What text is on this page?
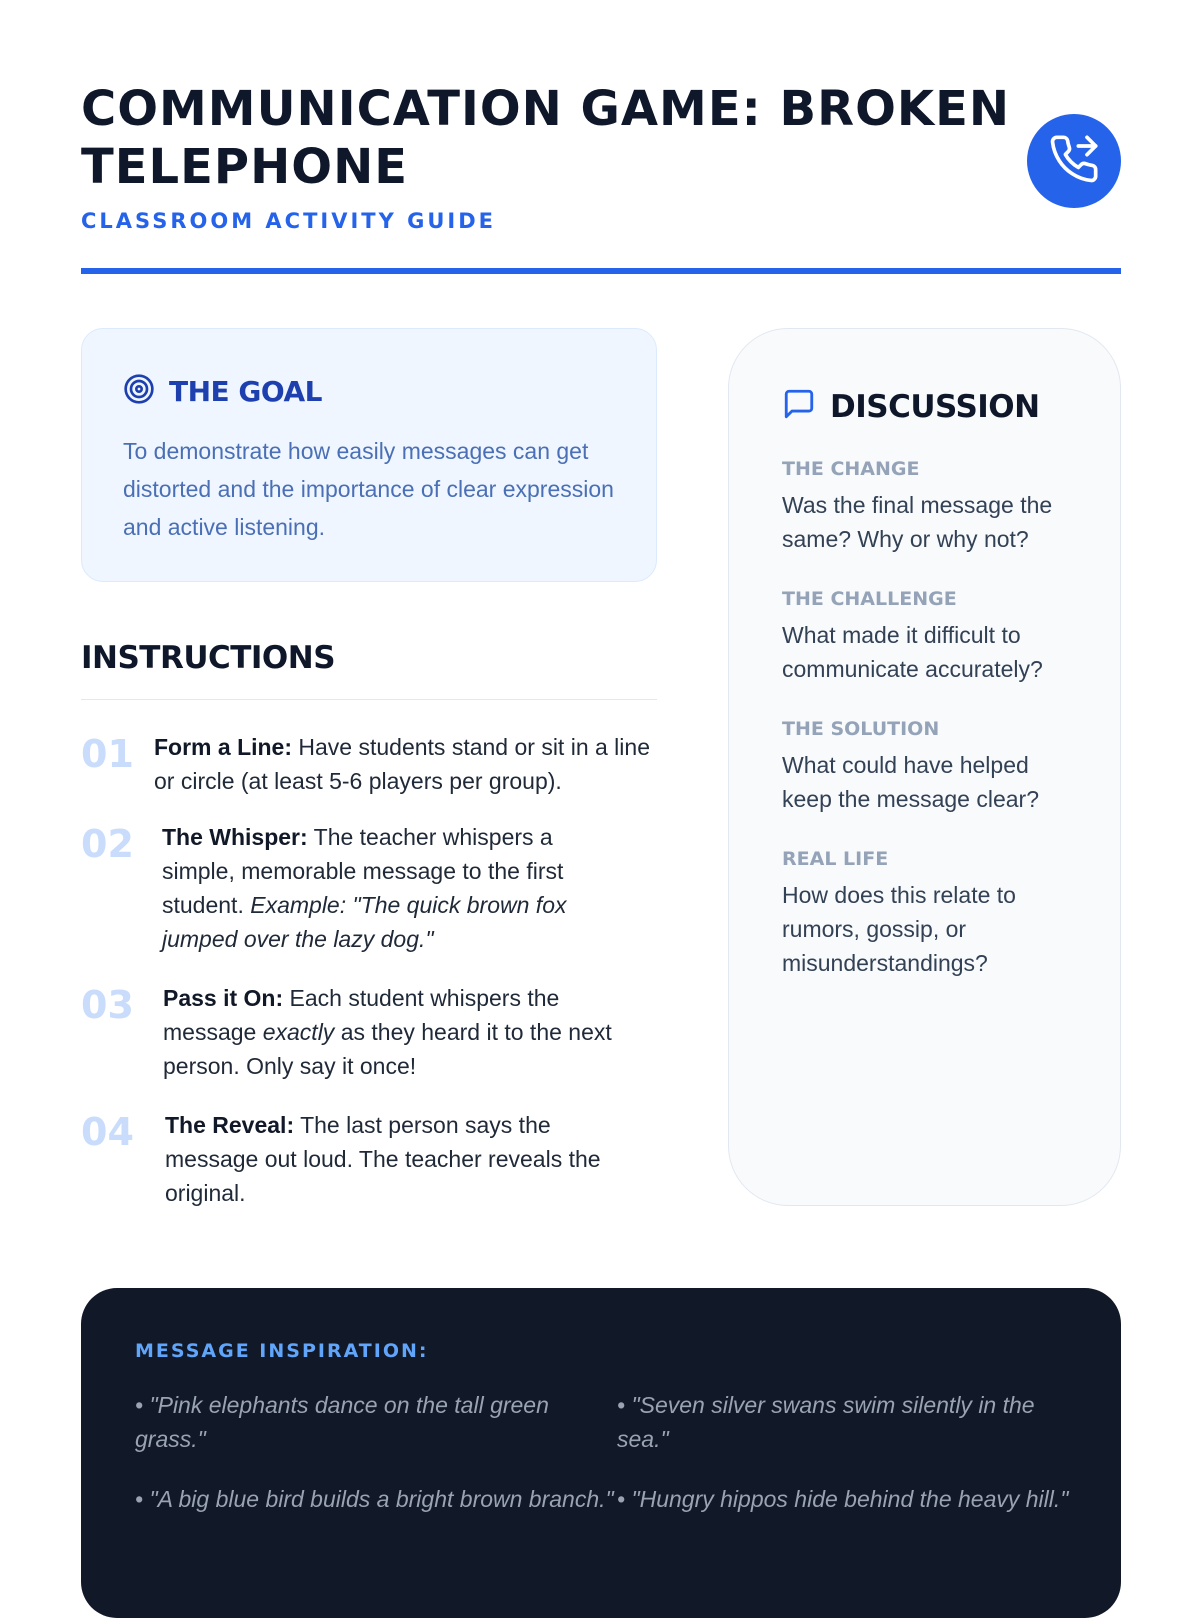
COMMUNICATION GAME: BROKEN TELEPHONE
CLASSROOM ACTIVITY GUIDE
THE GOAL
To demonstrate how easily messages can get distorted and the importance of clear expression and active listening.
INSTRUCTIONS
01 Form a Line: Have students stand or sit in a line or circle (at least 5-6 players per group).
02	The Whisper: The teacher whispers a simple, memorable message to the first student. Example: "The quick brown fox jumped over the lazy dog."
03	Pass it On: Each student whispers the message exactly as they heard it to the next person. Only say it once!
04	The Reveal: The last person says the message out loud. The teacher reveals the original.
DISCUSSION
THE CHANGE
Was the final message the same? Why or why not?
THE CHALLENGE
What made it difficult to communicate accurately?
THE SOLUTION
What could have helped keep the message clear?
REAL LIFE
How does this relate to rumors, gossip, or misunderstandings?
MESSAGE INSPIRATION:
• "Pink elephants dance on the tall green grass."
• "Seven silver swans swim silently in the sea."
• "A big blue bird builds a bright brown branch." • "Hungry hippos hide behind the heavy hill."
